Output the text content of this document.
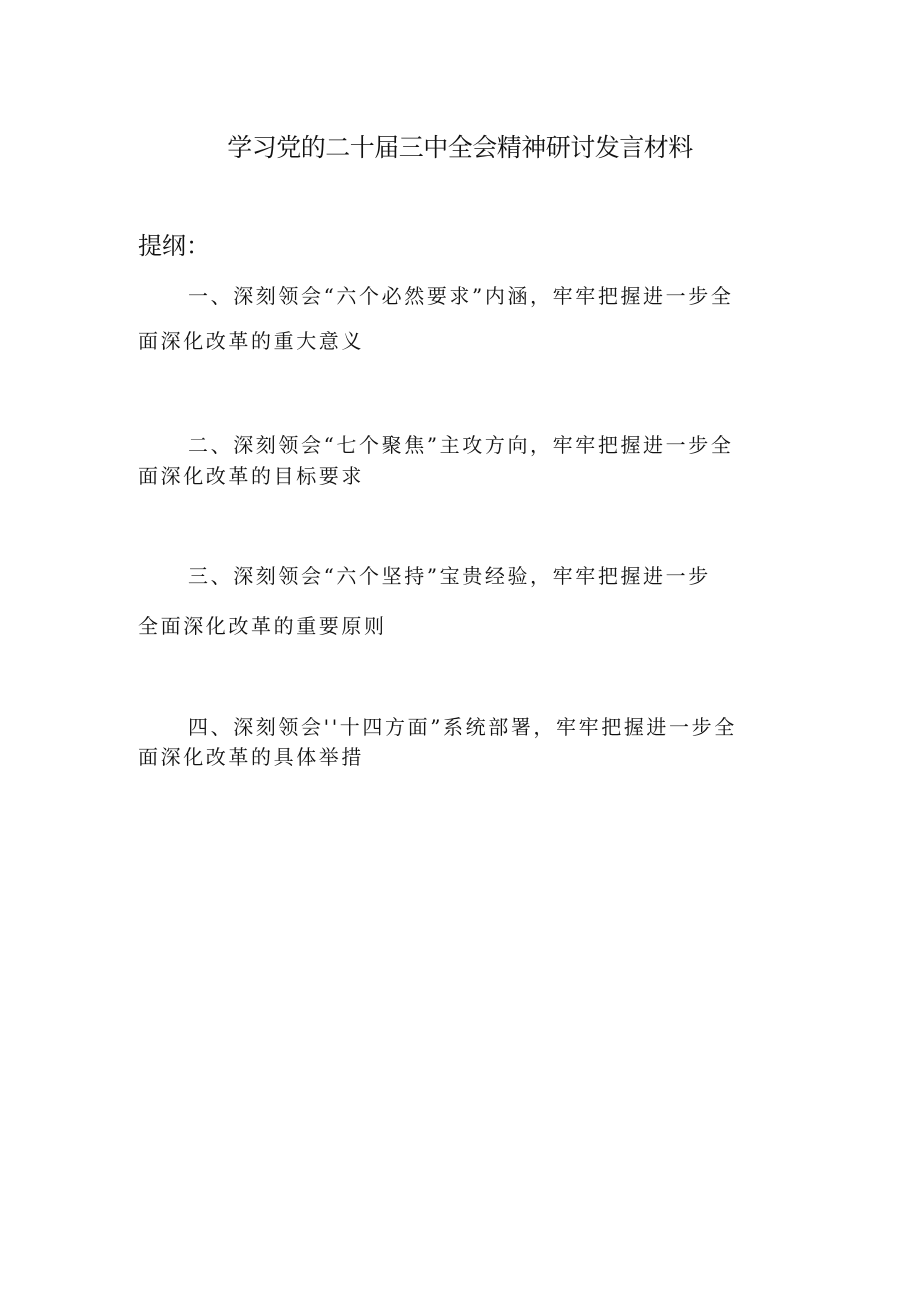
学习党的二十届三中全会精神研讨发言材料
提纲：
一、深刻领会“六个必然要求”内涵，牢牢把握进一步全
面深化改革的重大意义
二、深刻领会“七个聚焦”主攻方向，牢牢把握进一步全
面深化改革的目标要求
三、深刻领会“六个坚持”宝贵经验，牢牢把握进一步
全面深化改革的重要原则
四、深刻领会''十四方面”系统部署，牢牢把握进一步全
面深化改革的具体举措
